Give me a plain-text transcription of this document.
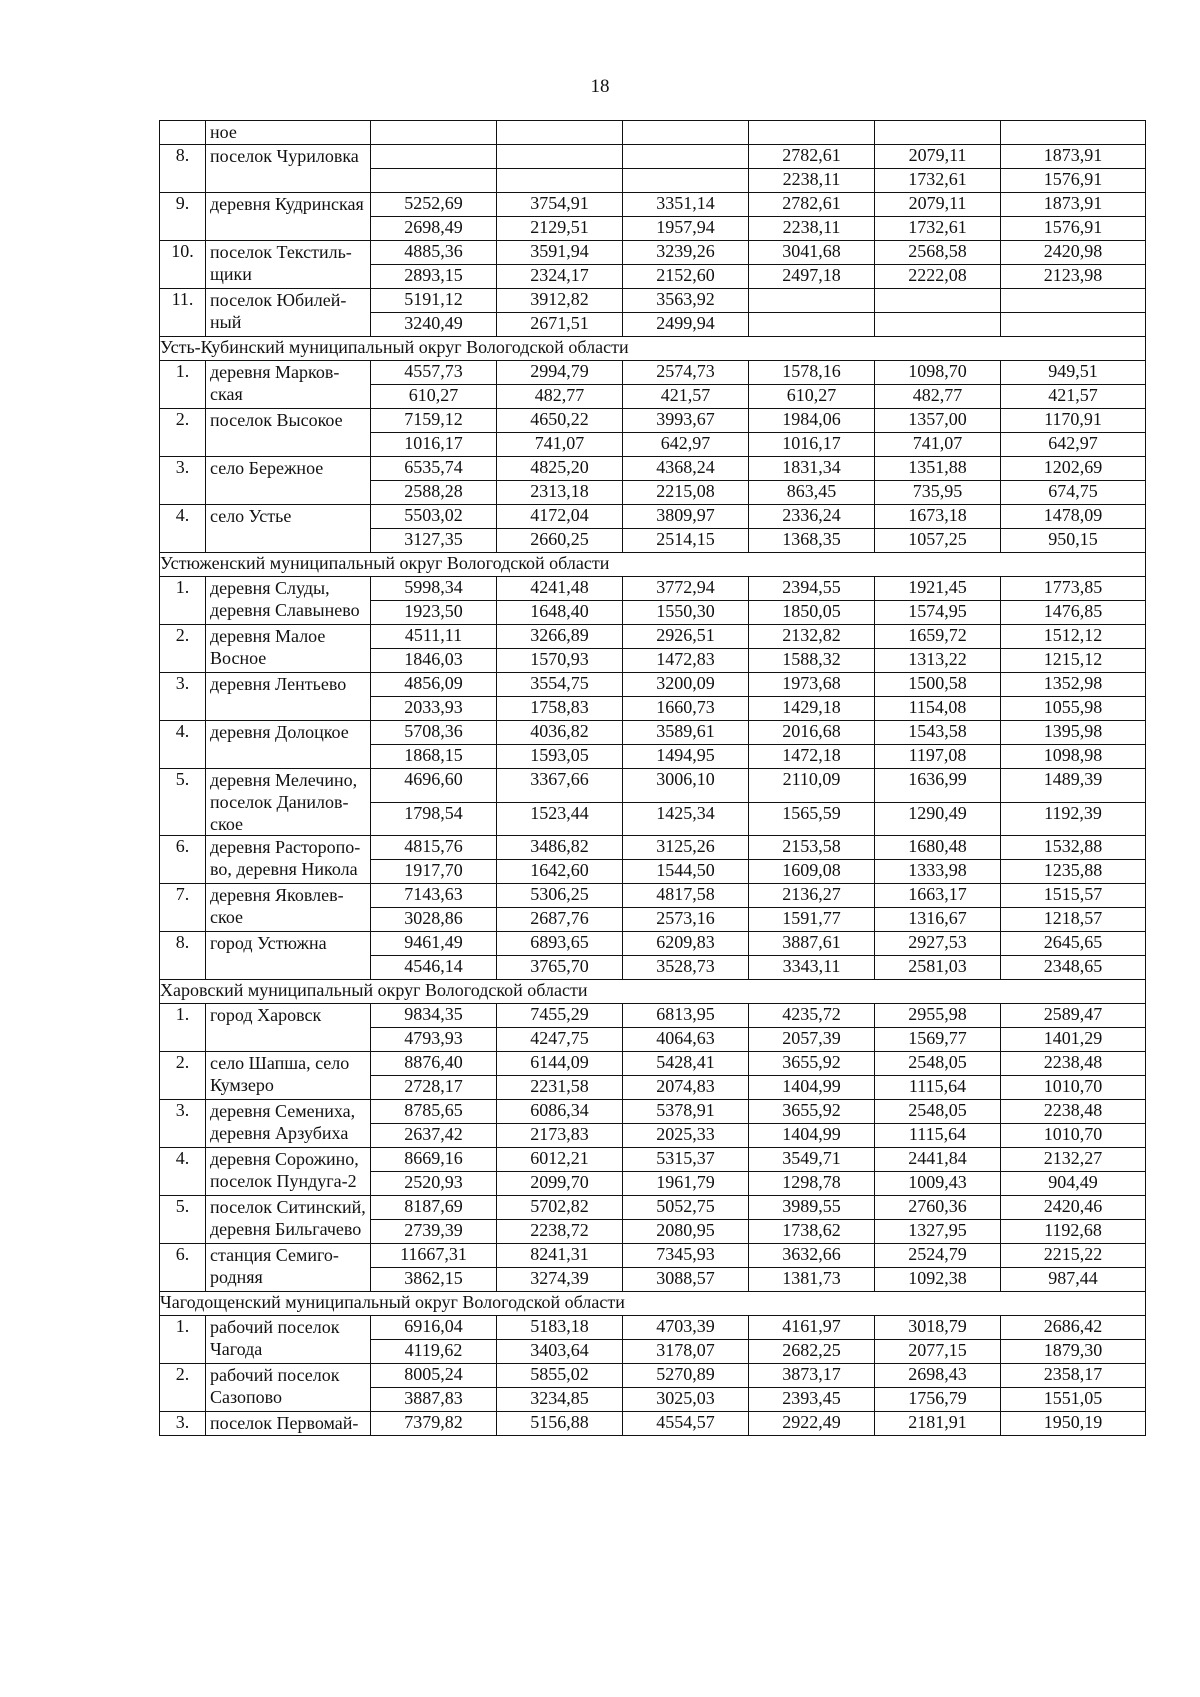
18
	ное						
8.	поселок Чуриловка				2782,61	2079,11	1873,91
					2238,11	1732,61	1576,91
9.	деревня Кудринская	5252,69	3754,91	3351,14	2782,61	2079,11	1873,91
		2698,49	2129,51	1957,94	2238,11	1732,61	1576,91
10.	поселок Текстиль-щики	4885,36	3591,94	3239,26	3041,68	2568,58	2420,98
		2893,15	2324,17	2152,60	2497,18	2222,08	2123,98
11.	поселок Юбилей-ный	5191,12	3912,82	3563,92			
		3240,49	2671,51	2499,94			
Усть-Кубинский муниципальный округ Вологодской области							
1.	деревня Марков-ская	4557,73	2994,79	2574,73	1578,16	1098,70	949,51
		610,27	482,77	421,57	610,27	482,77	421,57
2.	поселок Высокое	7159,12	4650,22	3993,67	1984,06	1357,00	1170,91
		1016,17	741,07	642,97	1016,17	741,07	642,97
3.	село Бережное	6535,74	4825,20	4368,24	1831,34	1351,88	1202,69
		2588,28	2313,18	2215,08	863,45	735,95	674,75
4.	село Устье	5503,02	4172,04	3809,97	2336,24	1673,18	1478,09
		3127,35	2660,25	2514,15	1368,35	1057,25	950,15
Устюженский муниципальный округ Вологодской области							
1.	деревня Слуды, деревня Славынево	5998,34	4241,48	3772,94	2394,55	1921,45	1773,85
		1923,50	1648,40	1550,30	1850,05	1574,95	1476,85
2.	деревня Малое Восное	4511,11	3266,89	2926,51	2132,82	1659,72	1512,12
		1846,03	1570,93	1472,83	1588,32	1313,22	1215,12
3.	деревня Лентьево	4856,09	3554,75	3200,09	1973,68	1500,58	1352,98
		2033,93	1758,83	1660,73	1429,18	1154,08	1055,98
4.	деревня Долоцкое	5708,36	4036,82	3589,61	2016,68	1543,58	1395,98
		1868,15	1593,05	1494,95	1472,18	1197,08	1098,98
5.	деревня Мелечино, поселок Данилов-ское	4696,60	3367,66	3006,10	2110,09	1636,99	1489,39
		1798,54	1523,44	1425,34	1565,59	1290,49	1192,39
6.	деревня Расторопо-во, деревня Никола	4815,76	3486,82	3125,26	2153,58	1680,48	1532,88
		1917,70	1642,60	1544,50	1609,08	1333,98	1235,88
7.	деревня Яковлев-ское	7143,63	5306,25	4817,58	2136,27	1663,17	1515,57
		3028,86	2687,76	2573,16	1591,77	1316,67	1218,57
8.	город Устюжна	9461,49	6893,65	6209,83	3887,61	2927,53	2645,65
		4546,14	3765,70	3528,73	3343,11	2581,03	2348,65
Харовский муниципальный округ Вологодской области							
1.	город Харовск	9834,35	7455,29	6813,95	4235,72	2955,98	2589,47
		4793,93	4247,75	4064,63	2057,39	1569,77	1401,29
2.	село Шапша, село Кумзеро	8876,40	6144,09	5428,41	3655,92	2548,05	2238,48
		2728,17	2231,58	2074,83	1404,99	1115,64	1010,70
3.	деревня Семениха, деревня Арзубиха	8785,65	6086,34	5378,91	3655,92	2548,05	2238,48
		2637,42	2173,83	2025,33	1404,99	1115,64	1010,70
4.	деревня Сорожино, поселок Пундуга-2	8669,16	6012,21	5315,37	3549,71	2441,84	2132,27
		2520,93	2099,70	1961,79	1298,78	1009,43	904,49
5.	поселок Ситинский, деревня Бильгачево	8187,69	5702,82	5052,75	3989,55	2760,36	2420,46
		2739,39	2238,72	2080,95	1738,62	1327,95	1192,68
6.	станция Семиго-родняя	11667,31	8241,31	7345,93	3632,66	2524,79	2215,22
		3862,15	3274,39	3088,57	1381,73	1092,38	987,44
Чагодощенский муниципальный округ Вологодской области							
1.	рабочий поселок Чагода	6916,04	5183,18	4703,39	4161,97	3018,79	2686,42
		4119,62	3403,64	3178,07	2682,25	2077,15	1879,30
2.	рабочий поселок Сазопово	8005,24	5855,02	5270,89	3873,17	2698,43	2358,17
		3887,83	3234,85	3025,03	2393,45	1756,79	1551,05
3.	поселок Первомай-	7379,82	5156,88	4554,57	2922,49	2181,91	1950,19
